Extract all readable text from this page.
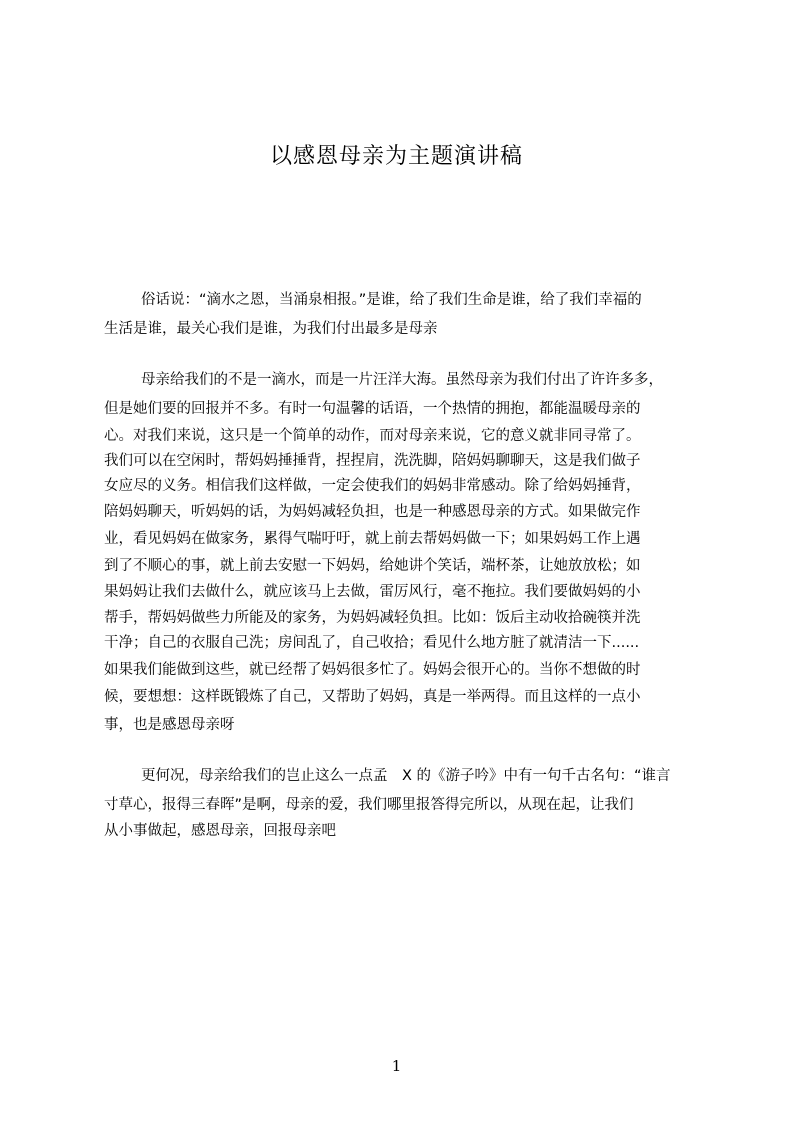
以感恩母亲为主题演讲稿
俗话说：“滴水之恩，当涌泉相报。”是谁，给了我们生命是谁，给了我们幸福的
生活是谁，最关心我们是谁，为我们付出最多是母亲
母亲给我们的不是一滴水，而是一片汪洋大海。虽然母亲为我们付出了许许多多，
但是她们要的回报并不多。有时一句温馨的话语，一个热情的拥抱，都能温暖母亲的
心。对我们来说，这只是一个简单的动作，而对母亲来说，它的意义就非同寻常了。
我们可以在空闲时，帮妈妈捶捶背，捏捏肩，洗洗脚，陪妈妈聊聊天，这是我们做子
女应尽的义务。相信我们这样做，一定会使我们的妈妈非常感动。除了给妈妈捶背，
陪妈妈聊天，听妈妈的话，为妈妈减轻负担，也是一种感恩母亲的方式。如果做完作
业，看见妈妈在做家务，累得气喘吁吁，就上前去帮妈妈做一下；如果妈妈工作上遇
到了不顺心的事，就上前去安慰一下妈妈，给她讲个笑话，端杯茶，让她放放松；如
果妈妈让我们去做什么，就应该马上去做，雷厉风行，毫不拖拉。我们要做妈妈的小
帮手，帮妈妈做些力所能及的家务，为妈妈减轻负担。比如：饭后主动收拾碗筷并洗
干净；自己的衣服自己洗；房间乱了，自己收拾；看见什么地方脏了就清洁一下......
如果我们能做到这些，就已经帮了妈妈很多忙了。妈妈会很开心的。当你不想做的时
候，要想想：这样既锻炼了自己，又帮助了妈妈，真是一举两得。而且这样的一点小
事，也是感恩母亲呀
更何况，母亲给我们的岂止这么一点孟　X 的《游子吟》中有一句千古名句：“谁言
寸草心，报得三春晖”是啊，母亲的爱，我们哪里报答得完所以，从现在起，让我们
从小事做起，感恩母亲，回报母亲吧
1
